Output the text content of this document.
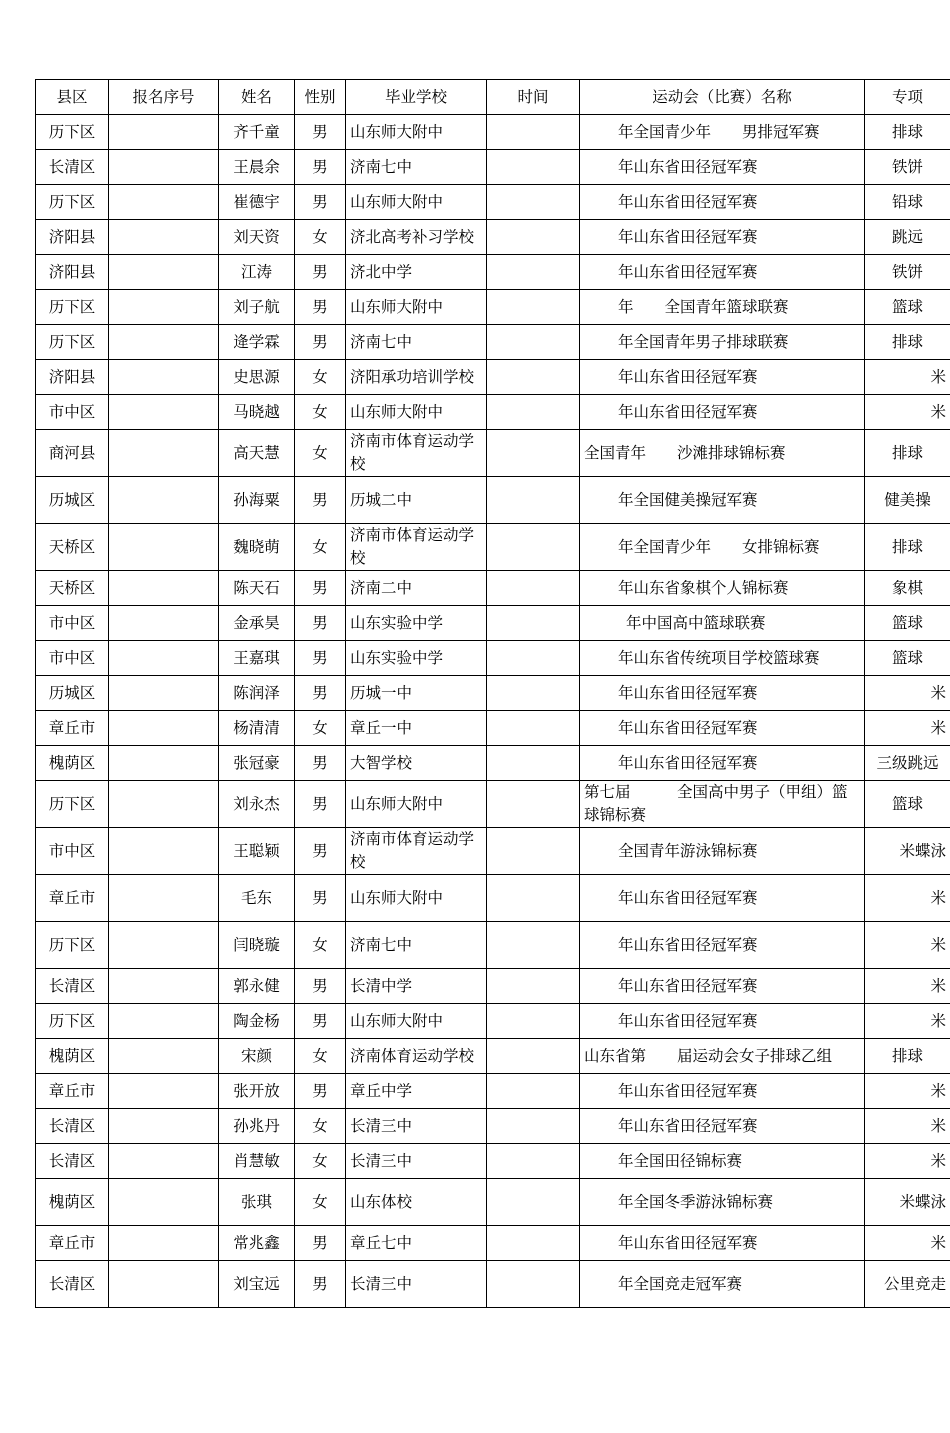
县区	报名序号	姓名	性别	毕业学校	时间	运动会（比赛）名称	专项
历下区		齐千童	男	山东师大附中		年全国青少年　　男排冠军赛	排球
长清区		王晨余	男	济南七中		年山东省田径冠军赛	铁饼
历下区		崔德宇	男	山东师大附中		年山东省田径冠军赛	铅球
济阳县		刘天资	女	济北高考补习学校		年山东省田径冠军赛	跳远
济阳县		江涛	男	济北中学		年山东省田径冠军赛	铁饼
历下区		刘子航	男	山东师大附中		年　　全国青年篮球联赛	篮球
历下区		逄学霖	男	济南七中		年全国青年男子排球联赛	排球
济阳县		史思源	女	济阳承功培训学校		年山东省田径冠军赛	米
市中区		马晓越	女	山东师大附中		年山东省田径冠军赛	米
商河县		高天慧	女	济南市体育运动学校		全国青年　　沙滩排球锦标赛	排球
历城区		孙海粟	男	历城二中		年全国健美操冠军赛	健美操
天桥区		魏晓萌	女	济南市体育运动学校		年全国青少年　　女排锦标赛	排球
天桥区		陈天石	男	济南二中		年山东省象棋个人锦标赛	象棋
市中区		金承昊	男	山东实验中学		年中国高中篮球联赛	篮球
市中区		王嘉琪	男	山东实验中学		年山东省传统项目学校篮球赛	篮球
历城区		陈润泽	男	历城一中		年山东省田径冠军赛	米
章丘市		杨清清	女	章丘一中		年山东省田径冠军赛	米
槐荫区		张冠豪	男	大智学校		年山东省田径冠军赛	三级跳远
历下区		刘永杰	男	山东师大附中		第七届　　　全国高中男子（甲组）篮球锦标赛	篮球
市中区		王聪颖	男	济南市体育运动学校		全国青年游泳锦标赛	米蝶泳
章丘市		毛东	男	山东师大附中		年山东省田径冠军赛	米
历下区		闫晓璇	女	济南七中		年山东省田径冠军赛	米
长清区		郭永健	男	长清中学		年山东省田径冠军赛	米
历下区		陶金杨	男	山东师大附中		年山东省田径冠军赛	米
槐荫区		宋颜	女	济南体育运动学校		山东省第　　届运动会女子排球乙组	排球
章丘市		张开放	男	章丘中学		年山东省田径冠军赛	米
长清区		孙兆丹	女	长清三中		年山东省田径冠军赛	米
长清区		肖慧敏	女	长清三中		年全国田径锦标赛	米
槐荫区		张琪	女	山东体校		年全国冬季游泳锦标赛	米蝶泳
章丘市		常兆鑫	男	章丘七中		年山东省田径冠军赛	米
长清区		刘宝远	男	长清三中		年全国竞走冠军赛	公里竞走
